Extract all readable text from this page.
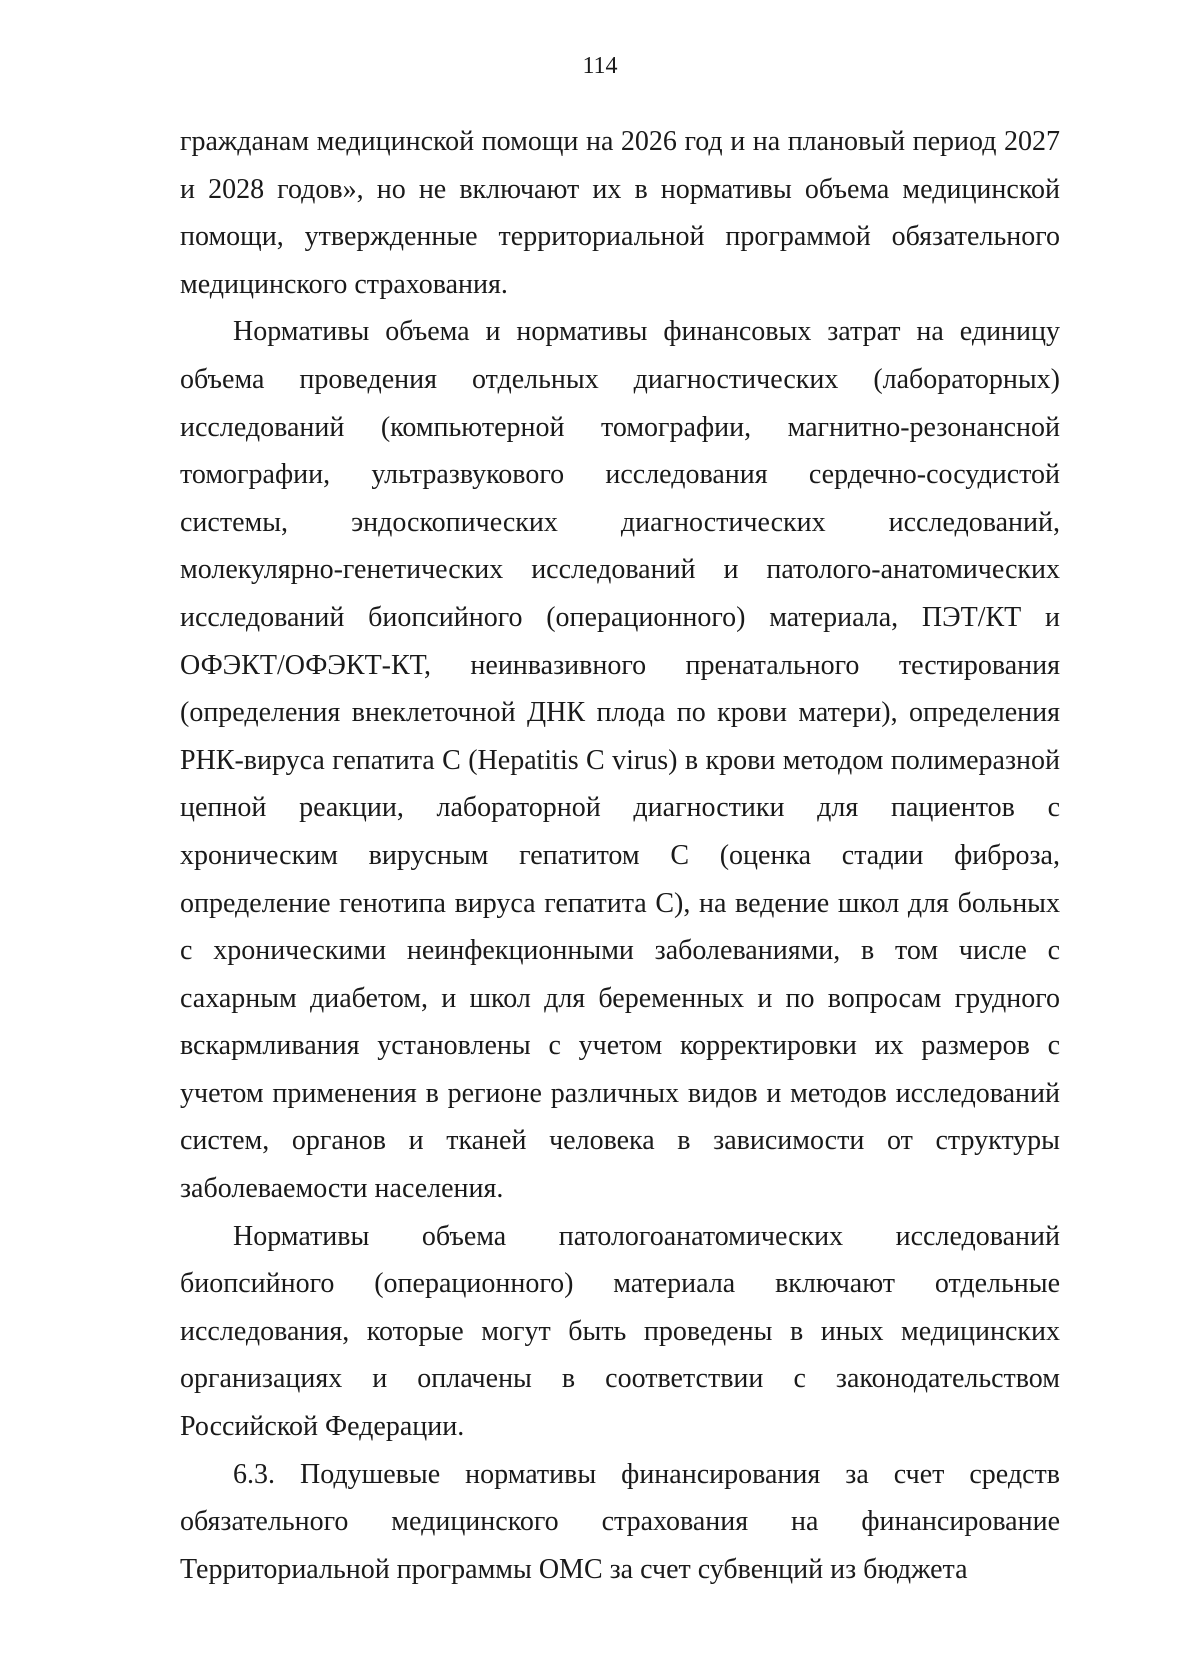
114

гражданам медицинской помощи на 2026 год и на плановый период 2027 и 2028 годов», но не включают их в нормативы объема медицинской помощи, утвержденные территориальной программой обязательного медицинского страхования.

Нормативы объема и нормативы финансовых затрат на единицу объема проведения отдельных диагностических (лабораторных) исследований (компьютерной томографии, магнитно-резонансной томографии, ультразвукового исследования сердечно-сосудистой системы, эндоскопических диагностических исследований, молекулярно-генетических исследований и патолого-анатомических исследований биопсийного (операционного) материала, ПЭТ/КТ и ОФЭКТ/ОФЭКТ-КТ, неинвазивного пренатального тестирования (определения внеклеточной ДНК плода по крови матери), определения РНК-вируса гепатита С (Hepatitis C virus) в крови методом полимеразной цепной реакции, лабораторной диагностики для пациентов с хроническим вирусным гепатитом С (оценка стадии фиброза, определение генотипа вируса гепатита С), на ведение школ для больных с хроническими неинфекционными заболеваниями, в том числе с сахарным диабетом, и школ для беременных и по вопросам грудного вскармливания установлены с учетом корректировки их размеров с учетом применения в регионе различных видов и методов исследований систем, органов и тканей человека в зависимости от структуры заболеваемости населения.

Нормативы объема патологоанатомических исследований биопсийного (операционного) материала включают отдельные исследования, которые могут быть проведены в иных медицинских организациях и оплачены в соответствии с законодательством Российской Федерации.

6.3. Подушевые нормативы финансирования за счет средств обязательного медицинского страхования на финансирование Территориальной программы ОМС за счет субвенций из бюджета
